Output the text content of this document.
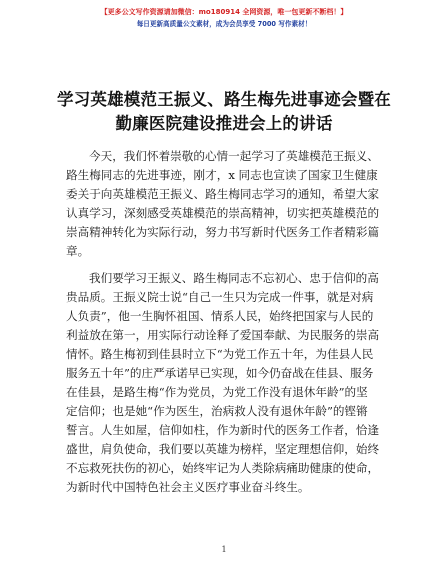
【更多公文写作资源请加微信：mo180914 全网资源，唯一包更新不断档！】
每日更新高质量公文素材，成为会员享受 7000 写作素材！
学习英雄模范王振义、路生梅先进事迹会暨在
勤廉医院建设推进会上的讲话
今天，我们怀着崇敬的心情一起学习了英雄模范王振义、
路生梅同志的先进事迹，刚才，x 同志也宣读了国家卫生健康
委关于向英雄模范王振义、路生梅同志学习的通知，希望大家
认真学习，深刻感受英雄模范的崇高精神，切实把英雄模范的
崇高精神转化为实际行动，努力书写新时代医务工作者精彩篇
章。
我们要学习王振义、路生梅同志不忘初心、忠于信仰的高
贵品质。王振义院士说“自己一生只为完成一件事，就是对病
人负责”，他一生胸怀祖国、情系人民，始终把国家与人民的
利益放在第一，用实际行动诠释了爱国奉献、为民服务的崇高
情怀。路生梅初到佳县时立下“为党工作五十年，为佳县人民
服务五十年”的庄严承诺早已实现，如今仍奋战在佳县、服务
在佳县，是路生梅“作为党员，为党工作没有退休年龄”的坚
定信仰；也是她“作为医生，治病救人没有退休年龄”的铿锵
誓言。人生如屋，信仰如柱，作为新时代的医务工作者，恰逢
盛世，肩负使命，我们要以英雄为榜样，坚定理想信仰，始终
不忘救死扶伤的初心，始终牢记为人类除病痛助健康的使命，
为新时代中国特色社会主义医疗事业奋斗终生。
1
